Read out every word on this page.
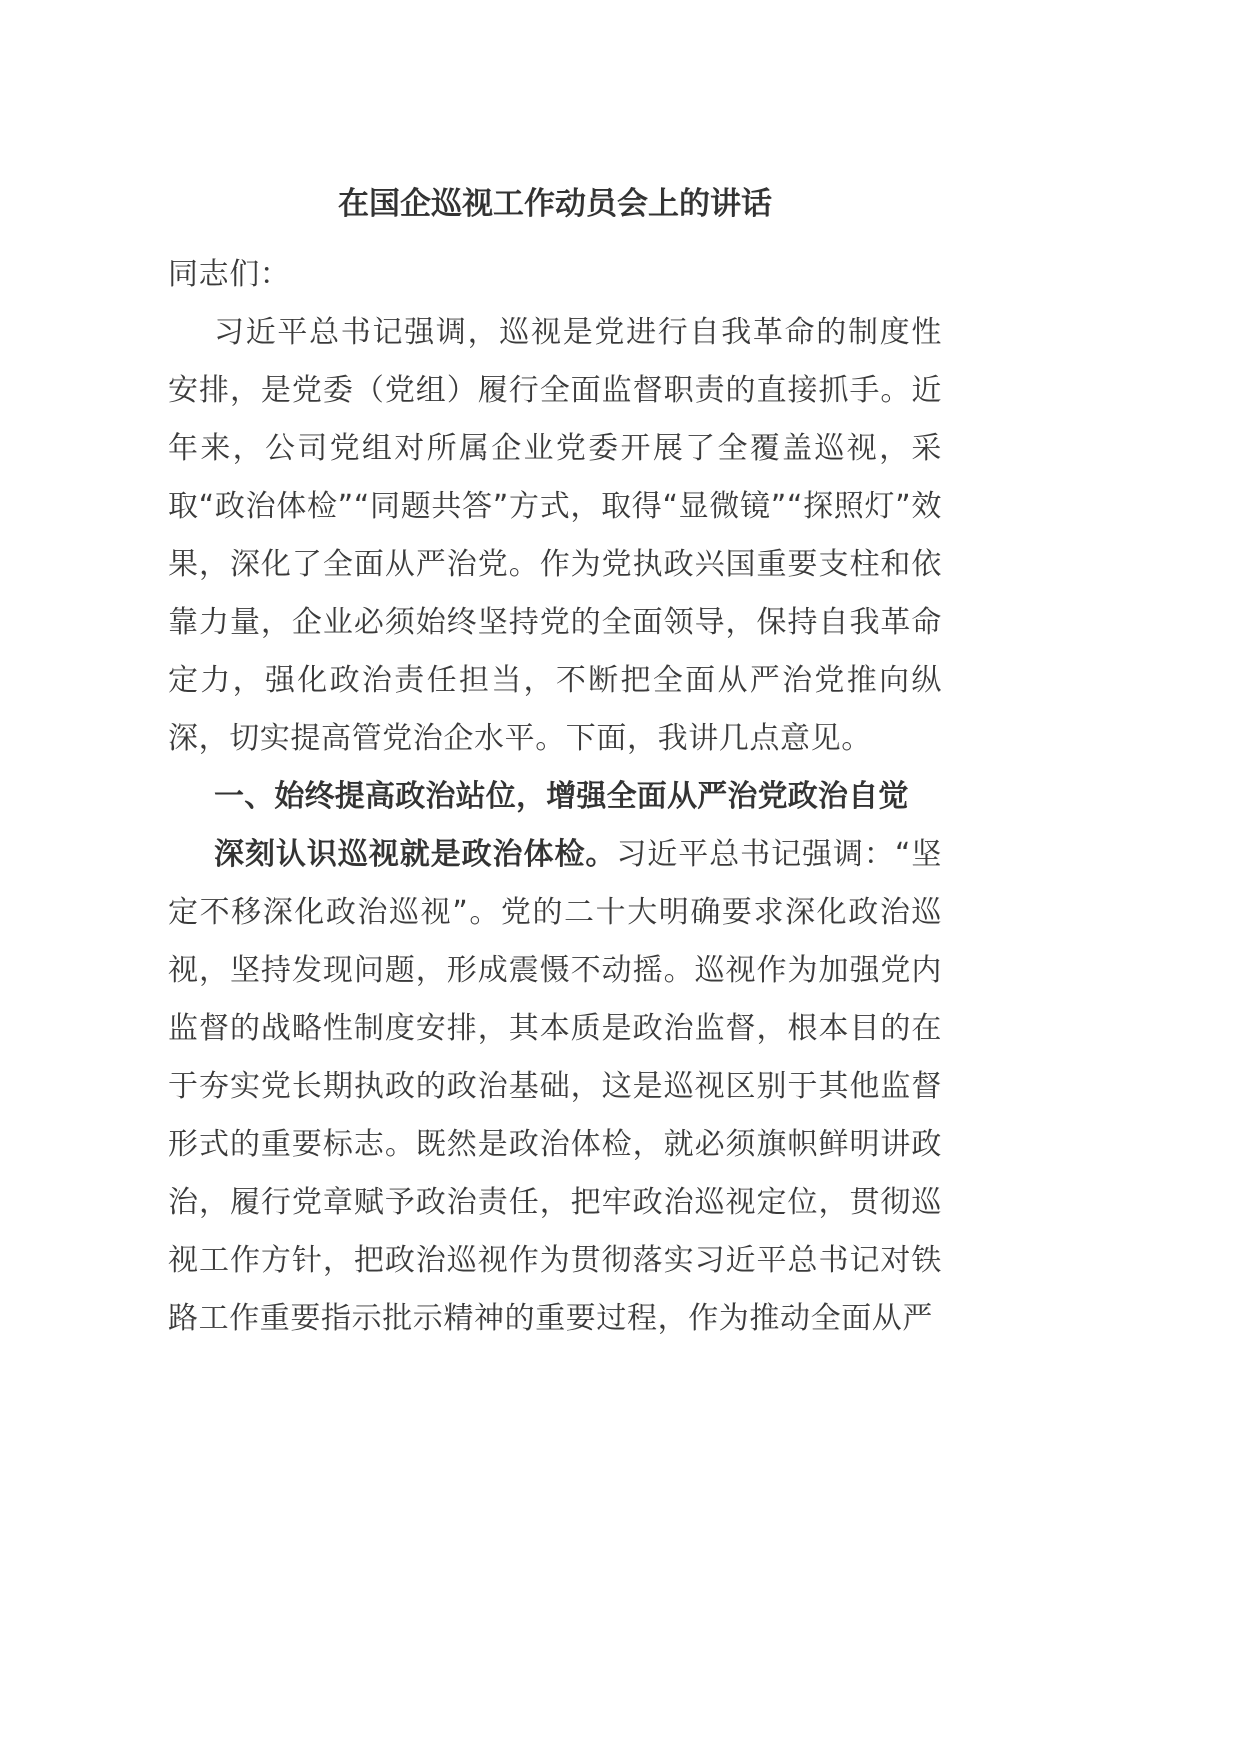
在国企巡视工作动员会上的讲话

同志们：

习近平总书记强调，巡视是党进行自我革命的制度性安排，是党委（党组）履行全面监督职责的直接抓手。近年来，公司党组对所属企业党委开展了全覆盖巡视，采取“政治体检”“同题共答”方式，取得“显微镜”“探照灯”效果，深化了全面从严治党。作为党执政兴国重要支柱和依靠力量，企业必须始终坚持党的全面领导，保持自我革命定力，强化政治责任担当，不断把全面从严治党推向纵深，切实提高管党治企水平。下面，我讲几点意见。

一、始终提高政治站位，增强全面从严治党政治自觉

深刻认识巡视就是政治体检。习近平总书记强调：“坚定不移深化政治巡视”。党的二十大明确要求深化政治巡视，坚持发现问题，形成震慑不动摇。巡视作为加强党内监督的战略性制度安排，其本质是政治监督，根本目的在于夯实党长期执政的政治基础，这是巡视区别于其他监督形式的重要标志。既然是政治体检，就必须旗帜鲜明讲政治，履行党章赋予政治责任，把牢政治巡视定位，贯彻巡视工作方针，把政治巡视作为贯彻落实习近平总书记对铁路工作重要指示批示精神的重要过程，作为推动全面从严
